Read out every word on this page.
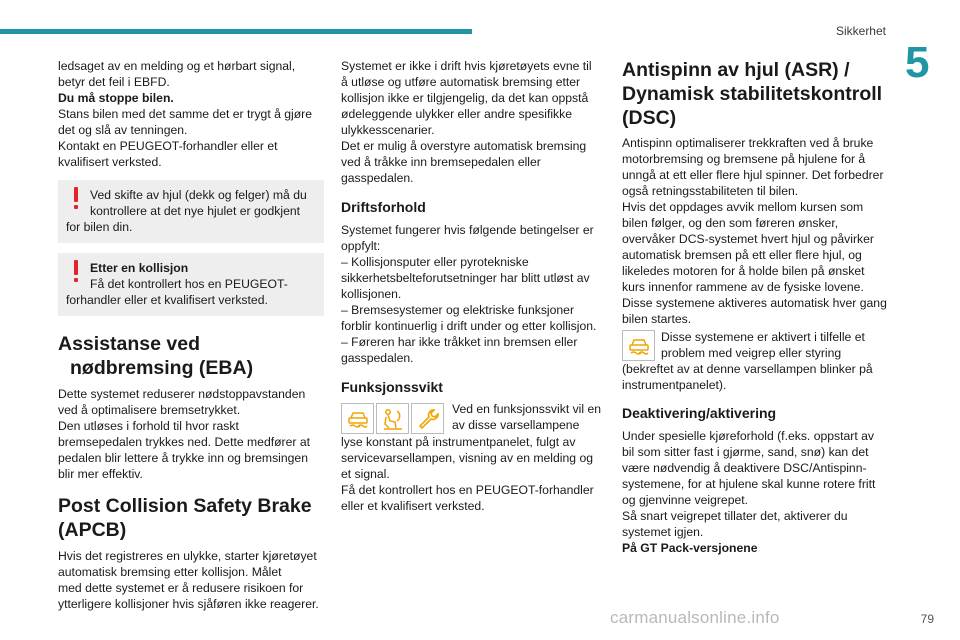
Sikkerhet
5
79
carmanualsonline.info

ledsaget av en melding og et hørbart signal,
betyr det feil i EBFD.
Du må stoppe bilen.
Stans bilen med det samme det er trygt å gjøre
det og slå av tenningen.
Kontakt en PEUGEOT-forhandler eller et
kvalifisert verksted.

Ved skifte av hjul (dekk og felger) må du
kontrollere at det nye hjulet er godkjent
for bilen din.
Etter en kollisjon
Få det kontrollert hos en PEUGEOT-
forhandler eller et kvalifisert verksted.
Assistanse ved
nødbremsing (EBA)

Dette systemet reduserer nødstoppavstanden
ved å optimalisere bremsetrykket.
Den utløses i forhold til hvor raskt
bremsepedalen trykkes ned. Dette medfører at
pedalen blir lettere å trykke inn og bremsingen
blir mer effektiv.

Post Collision Safety Brake
(APCB)

Hvis det registreres en ulykke, starter kjøretøyet
automatisk bremsing etter kollisjon. Målet
med dette systemet er å redusere risikoen for
ytterligere kollisjoner hvis sjåføren ikke reagerer.

Systemet er ikke i drift hvis kjøretøyets evne til
å utløse og utføre automatisk bremsing etter
kollisjon ikke er tilgjengelig, da det kan oppstå
ødeleggende ulykker eller andre spesifikke
ulykkesscenarier.
Det er mulig å overstyre automatisk bremsing
ved å tråkke inn bremsepedalen eller
gasspedalen.

Driftsforhold

Systemet fungerer hvis følgende betingelser er
oppfylt:
– Kollisjonsputer eller pyrotekniske
sikkerhetsbelteforutsetninger har blitt utløst av
kollisjonen.
– Bremsesystemer og elektriske funksjoner
forblir kontinuerlig i drift under og etter kollisjon.
– Føreren har ikke tråkket inn bremsen eller
gasspedalen.

Funksjonssvikt

Ved en funksjonssvikt vil en
av disse varsellampene
lyse konstant på instrumentpanelet, fulgt av
servicevarsellampen, visning av en melding og
et signal.
Få det kontrollert hos en PEUGEOT-forhandler
eller et kvalifisert verksted.

Antispinn av hjul (ASR) /
Dynamisk stabilitetskontroll
(DSC)

Antispinn optimaliserer trekkraften ved å bruke
motorbremsing og bremsene på hjulene for å
unngå at ett eller flere hjul spinner. Det forbedrer
også retningsstabiliteten til bilen.
Hvis det oppdages avvik mellom kursen som
bilen følger, og den som føreren ønsker,
overvåker DCS-systemet hvert hjul og påvirker
automatisk bremsen på ett eller flere hjul, og
likeledes motoren for å holde bilen på ønsket
kurs innenfor rammene av de fysiske lovene.
Disse systemene aktiveres automatisk hver gang
bilen startes.

Disse systemene er aktivert i tilfelle et
problem med veigrep eller styring
(bekreftet av at denne varsellampen blinker på
instrumentpanelet).

Deaktivering/aktivering

Under spesielle kjøreforhold (f.eks. oppstart av
bil som sitter fast i gjørme, sand, snø) kan det
være nødvendig å deaktivere DSC/Antispinn-
systemene, for at hjulene skal kunne rotere fritt
og gjenvinne veigrepet.
Så snart veigrepet tillater det, aktiverer du
systemet igjen.
På GT Pack-versjonene
